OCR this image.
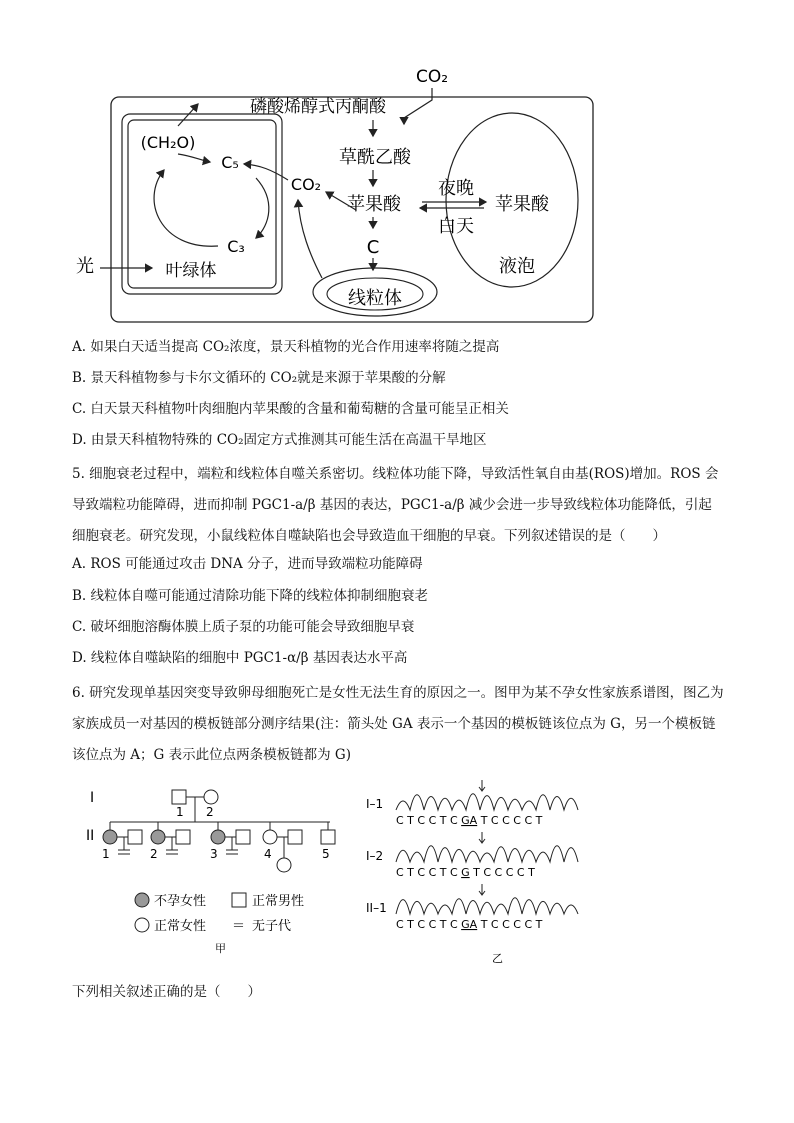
磷酸烯醇式丙酮酸
CO₂
(CH₂O)
C₅
C₃
CO₂
光	叶绿体
草酰乙酸
苹果酸
夜晚
白天
苹果酸
C
线粒体
液泡
A. 如果白天适当提高 CO₂浓度，景天科植物的光合作用速率将随之提高
B. 景天科植物参与卡尔文循环的 CO₂就是来源于苹果酸的分解
C. 白天景天科植物叶肉细胞内苹果酸的含量和葡萄糖的含量可能呈正相关
D. 由景天科植物特殊的 CO₂固定方式推测其可能生活在高温干旱地区
5. 细胞衰老过程中，端粒和线粒体自噬关系密切。线粒体功能下降，导致活性氧自由基(ROS)增加。ROS 会导致端粒功能障碍，进而抑制 PGC1-a/β 基因的表达，PGC1-a/β 减少会进一步导致线粒体功能降低，引起细胞衰老。研究发现，小鼠线粒体自噬缺陷也会导致造血干细胞的早衰。下列叙述错误的是（　　）
A. ROS 可能通过攻击 DNA 分子，进而导致端粒功能障碍
B. 线粒体自噬可能通过清除功能下降的线粒体抑制细胞衰老
C. 破坏细胞溶酶体膜上质子泵的功能可能会导致细胞早衰
D. 线粒体自噬缺陷的细胞中 PGC1-α/β 基因表达水平高
6. 研究发现单基因突变导致卵母细胞死亡是女性无法生育的原因之一。图甲为某不孕女性家族系谱图，图乙为家族成员一对基因的模板链部分测序结果(注：箭头处 GA 表示一个基因的模板链该位点为 G，另一个模板链该位点为 A；G 表示此位点两条模板链都为 G)
I
II
1 2
1	2	3	4	5
不孕女性	正常男性
正常女性 ＝ 无子代
甲
I–1
C T C C T C GA T C C C C T
I–2
C T C C T C G T C C C C T
II–1
C T C C T C GA T C C C C T
乙
下列相关叙述正确的是（　　）
